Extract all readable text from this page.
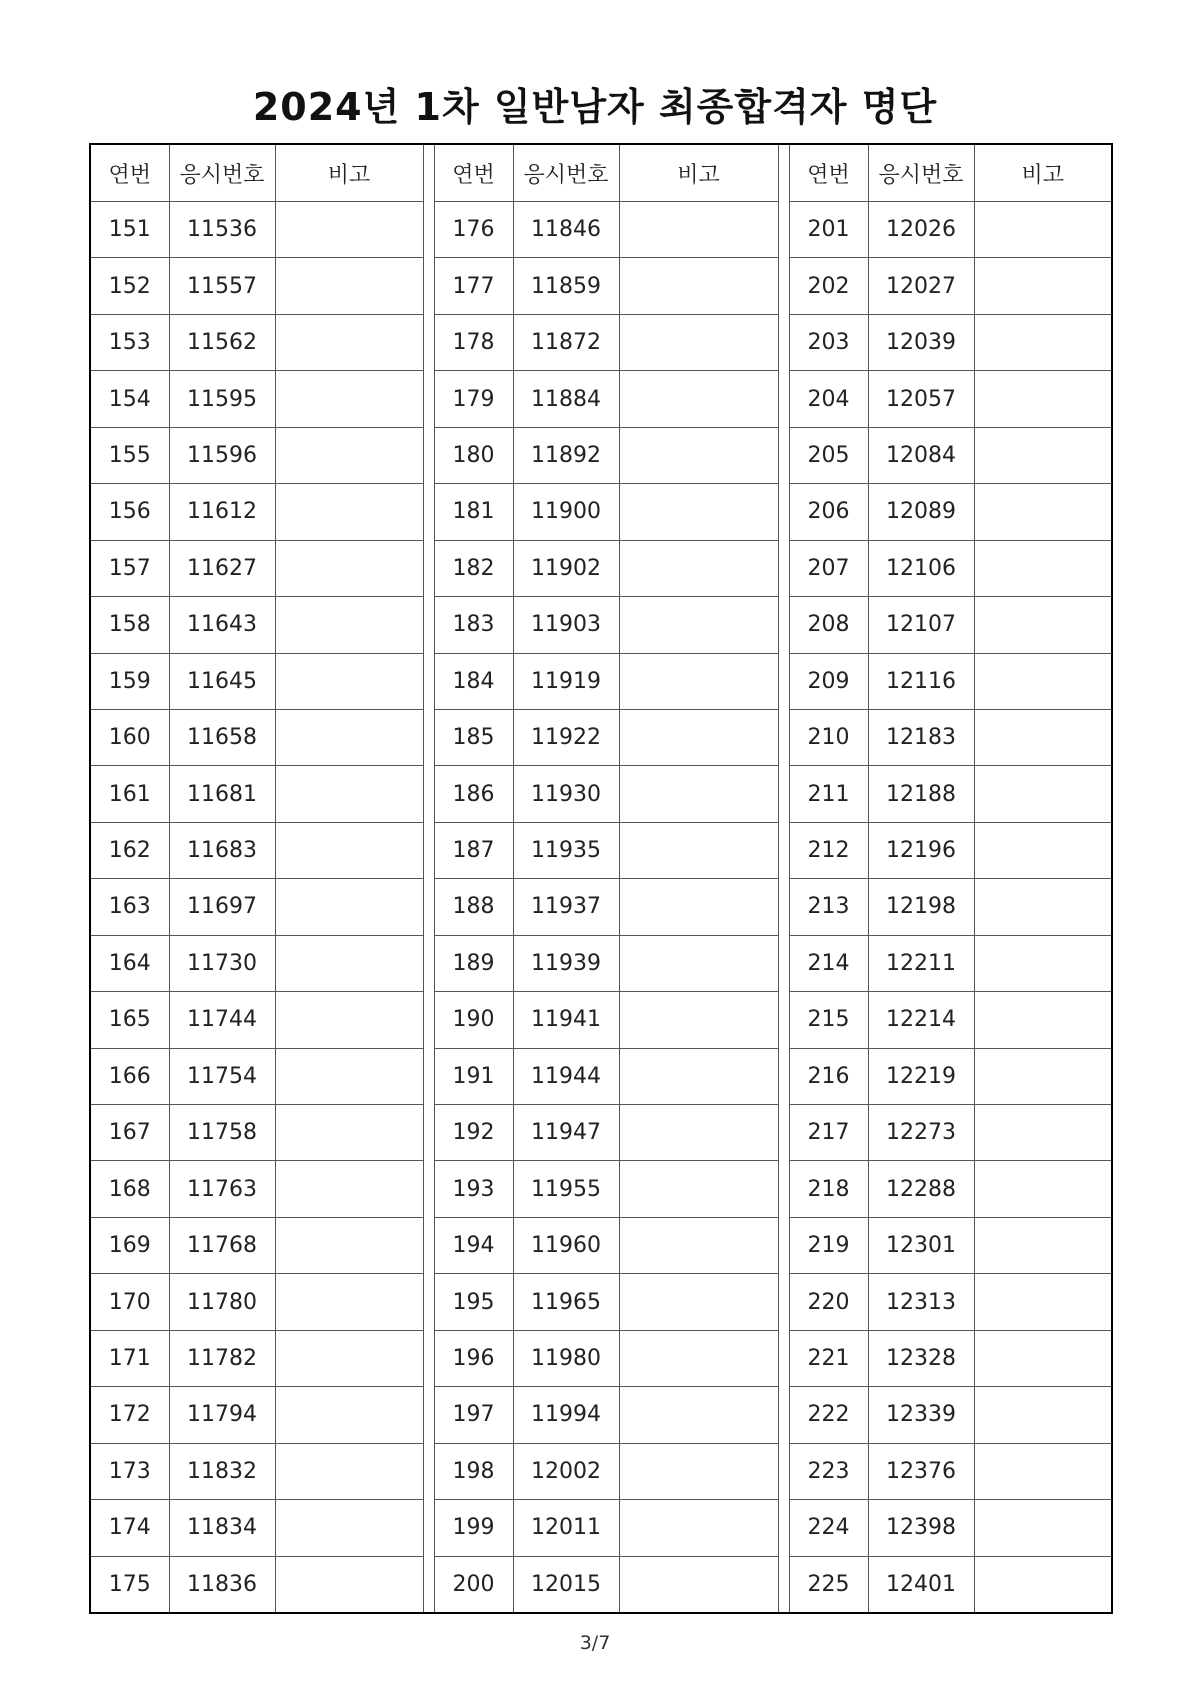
2024년 1차 일반남자 최종합격자 명단
연번	응시번호	비고		연번	응시번호	비고		연번	응시번호	비고
151	11536			176	11846			201	12026	
152	11557			177	11859			202	12027	
153	11562			178	11872			203	12039	
154	11595			179	11884			204	12057	
155	11596			180	11892			205	12084	
156	11612			181	11900			206	12089	
157	11627			182	11902			207	12106	
158	11643			183	11903			208	12107	
159	11645			184	11919			209	12116	
160	11658			185	11922			210	12183	
161	11681			186	11930			211	12188	
162	11683			187	11935			212	12196	
163	11697			188	11937			213	12198	
164	11730			189	11939			214	12211	
165	11744			190	11941			215	12214	
166	11754			191	11944			216	12219	
167	11758			192	11947			217	12273	
168	11763			193	11955			218	12288	
169	11768			194	11960			219	12301	
170	11780			195	11965			220	12313	
171	11782			196	11980			221	12328	
172	11794			197	11994			222	12339	
173	11832			198	12002			223	12376	
174	11834			199	12011			224	12398	
175	11836			200	12015			225	12401	
3/7
